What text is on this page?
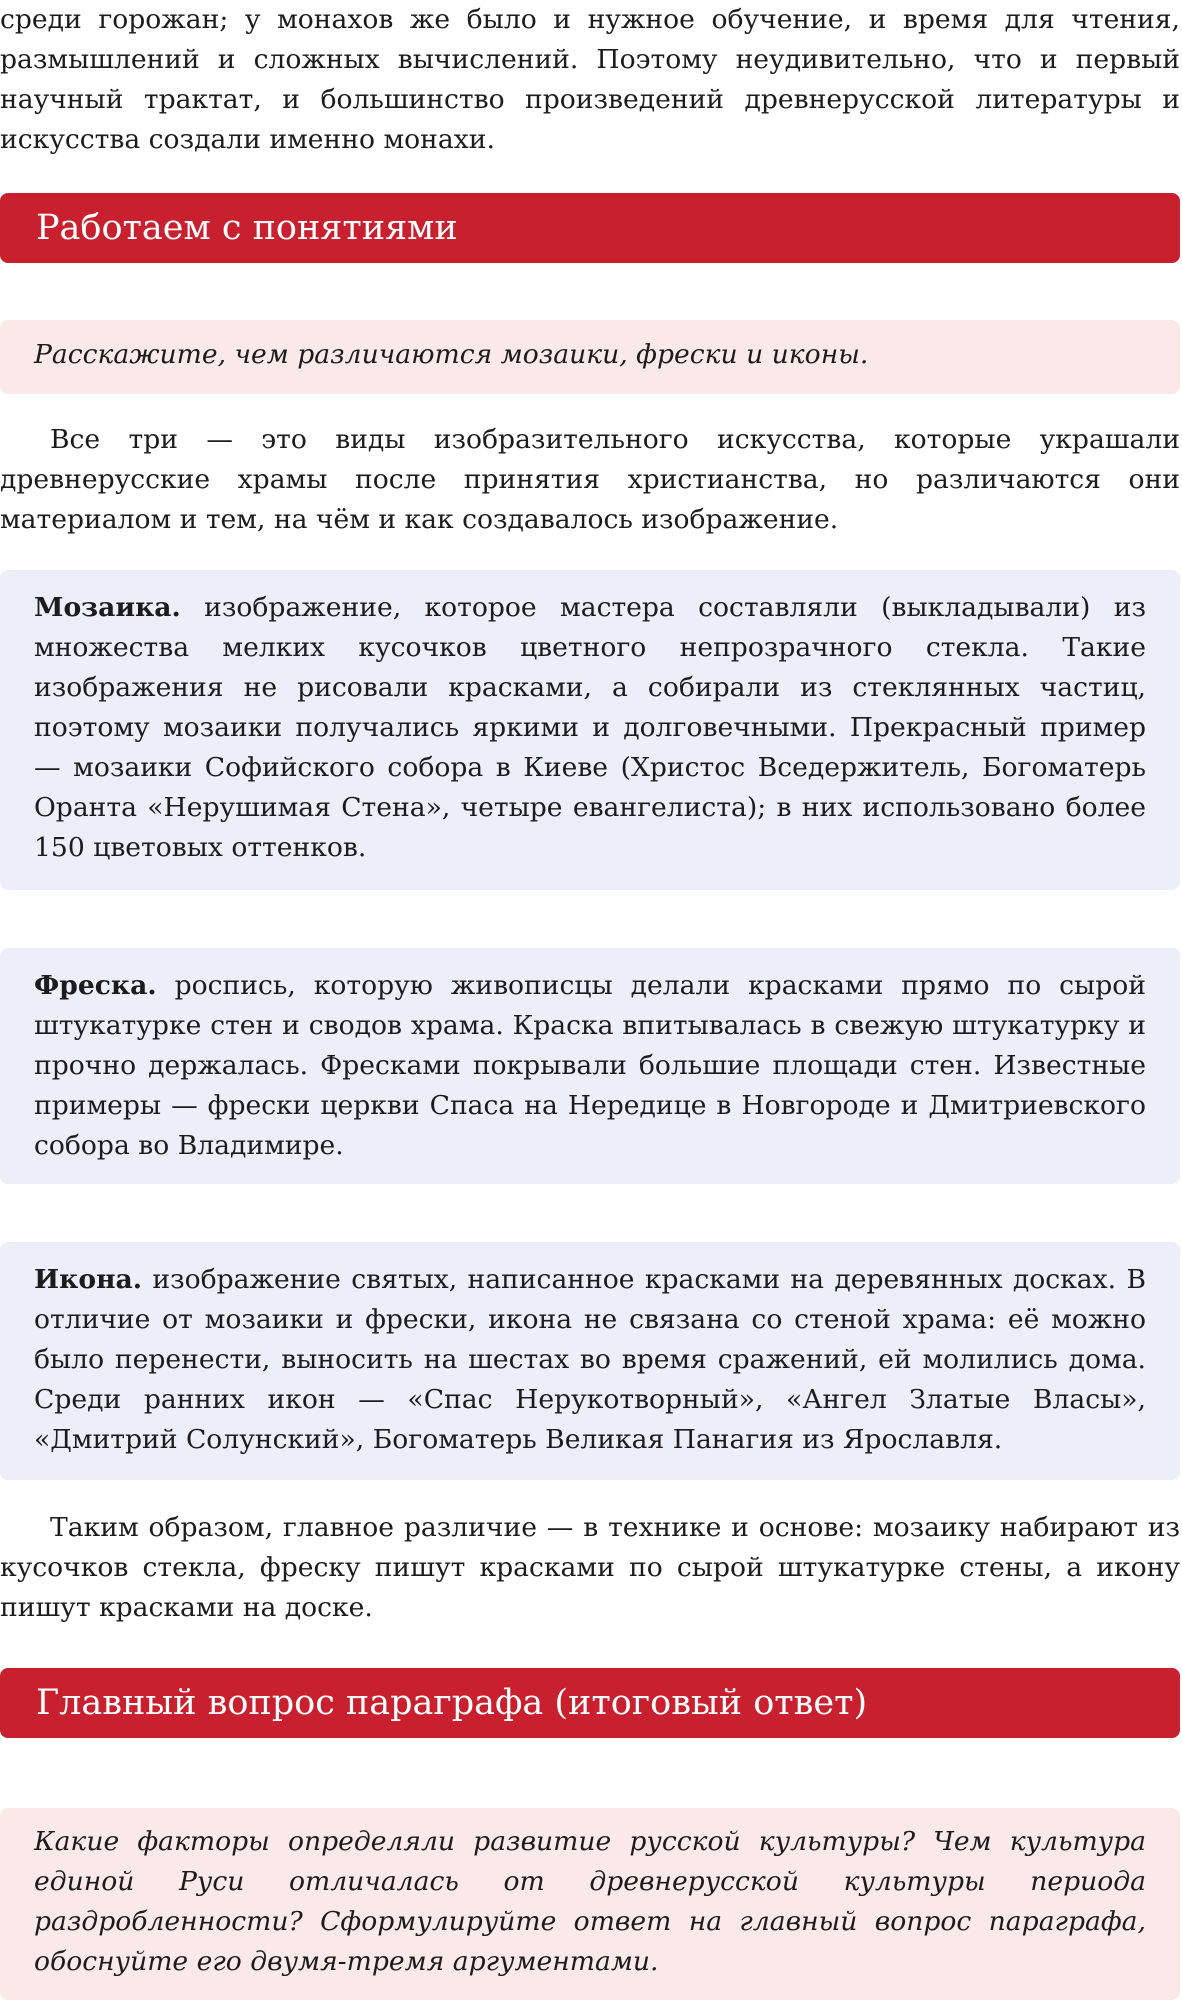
среди горожан; у монахов же было и нужное обучение, и время для чтения, размышлений и сложных вычислений. Поэтому неудивительно, что и первый научный трактат, и большинство произведений древнерусской литературы и искусства создали именно монахи.

Работаем с понятиями

Расскажите, чем различаются мозаики, фрески и иконы.

Все три — это виды изобразительного искусства, которые украшали древнерусские храмы после принятия христианства, но различаются они материалом и тем, на чём и как создавалось изображение.

Мозаика. изображение, которое мастера составляли (выкладывали) из множества мелких кусочков цветного непрозрачного стекла. Такие изображения не рисовали красками, а собирали из стеклянных частиц, поэтому мозаики получались яркими и долговечными. Прекрасный пример — мозаики Софийского собора в Киеве (Христос Вседержитель, Богоматерь Оранта «Нерушимая Стена», четыре евангелиста); в них использовано более 150 цветовых оттенков.

Фреска. роспись, которую живописцы делали красками прямо по сырой штукатурке стен и сводов храма. Краска впитывалась в свежую штукатурку и прочно держалась. Фресками покрывали большие площади стен. Известные примеры — фрески церкви Спаса на Нередице в Новгороде и Дмитриевского собора во Владимире.

Икона. изображение святых, написанное красками на деревянных досках. В отличие от мозаики и фрески, икона не связана со стеной храма: её можно было перенести, выносить на шестах во время сражений, ей молились дома. Среди ранних икон — «Спас Нерукотворный», «Ангел Златые Власы», «Дмитрий Солунский», Богоматерь Великая Панагия из Ярославля.

Таким образом, главное различие — в технике и основе: мозаику набирают из кусочков стекла, фреску пишут красками по сырой штукатурке стены, а икону пишут красками на доске.

Главный вопрос параграфа (итоговый ответ)

Какие факторы определяли развитие русской культуры? Чем культура единой Руси отличалась от древнерусской культуры периода раздробленности? Сформулируйте ответ на главный вопрос параграфа, обоснуйте его двумя-тремя аргументами.
